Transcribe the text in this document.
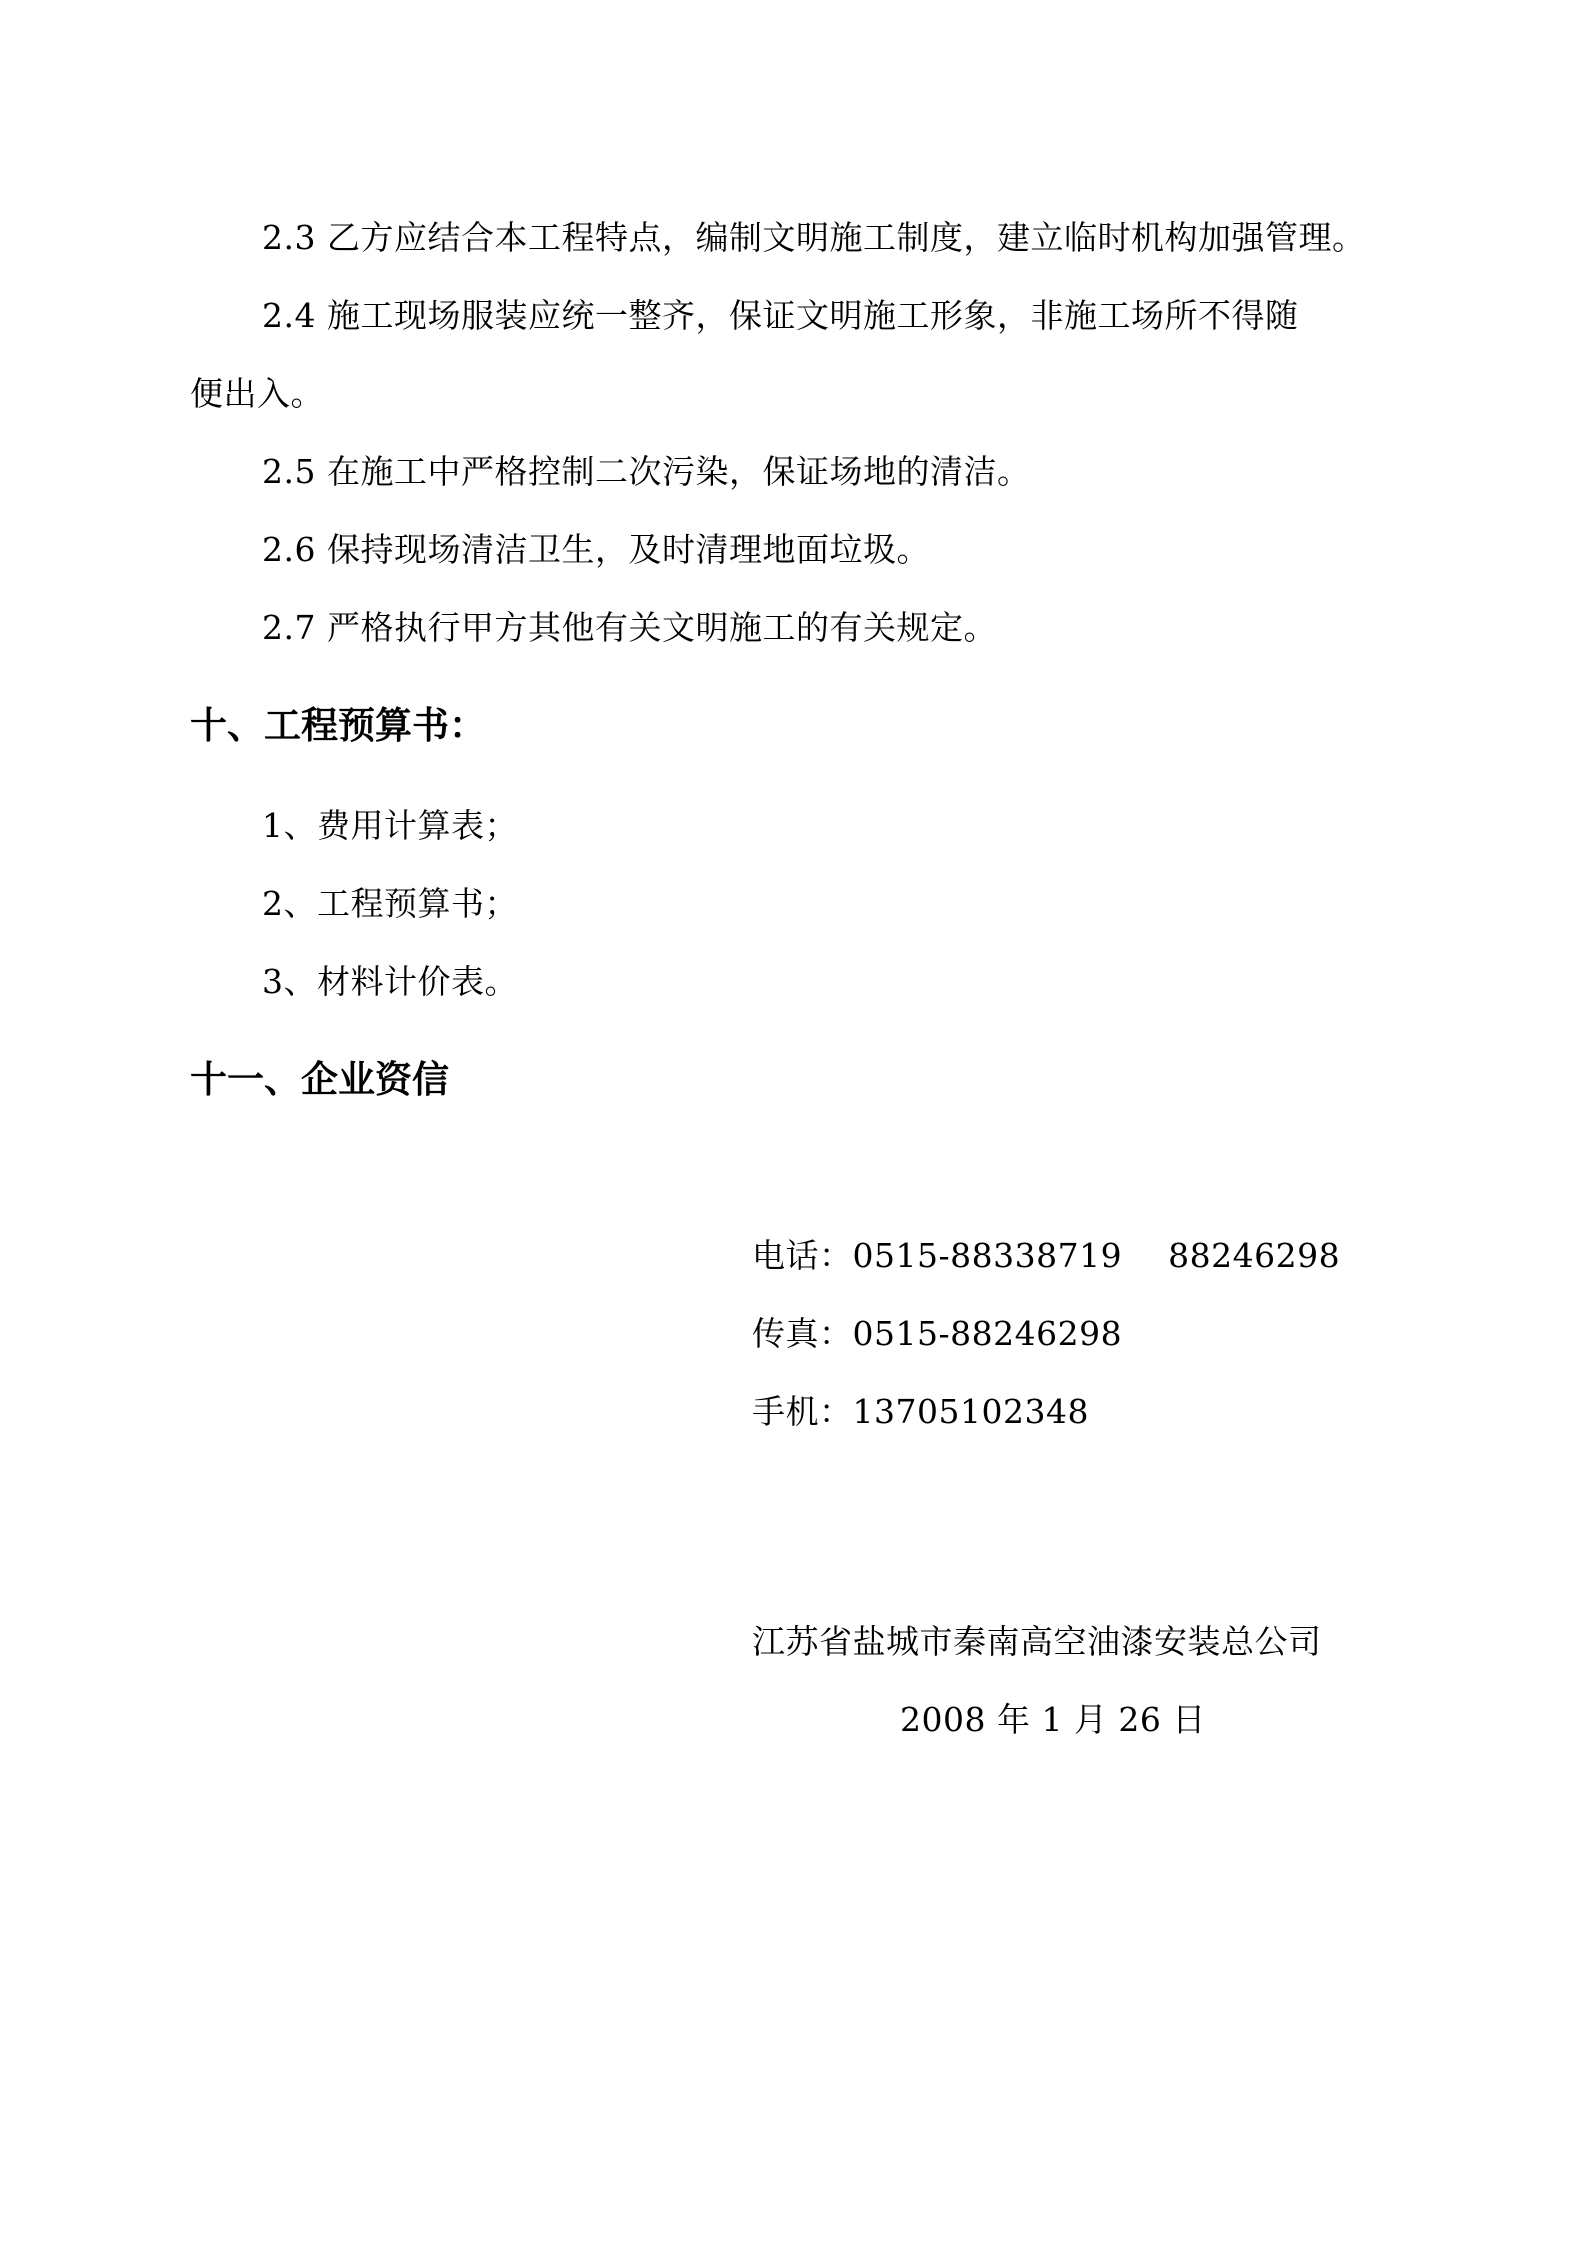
2.3 乙方应结合本工程特点，编制文明施工制度，建立临时机构加强管理。
2.4 施工现场服装应统一整齐，保证文明施工形象，非施工场所不得随
便出入。
2.5 在施工中严格控制二次污染，保证场地的清洁。
2.6 保持现场清洁卫生，及时清理地面垃圾。
2.7 严格执行甲方其他有关文明施工的有关规定。
十、工程预算书：
1、费用计算表；
2、工程预算书；
3、材料计价表。
十一、企业资信
电话：0515-88338719 88246298
传真：0515-88246298
手机：13705102348
江苏省盐城市秦南高空油漆安装总公司
2008 年 1 月 26 日
